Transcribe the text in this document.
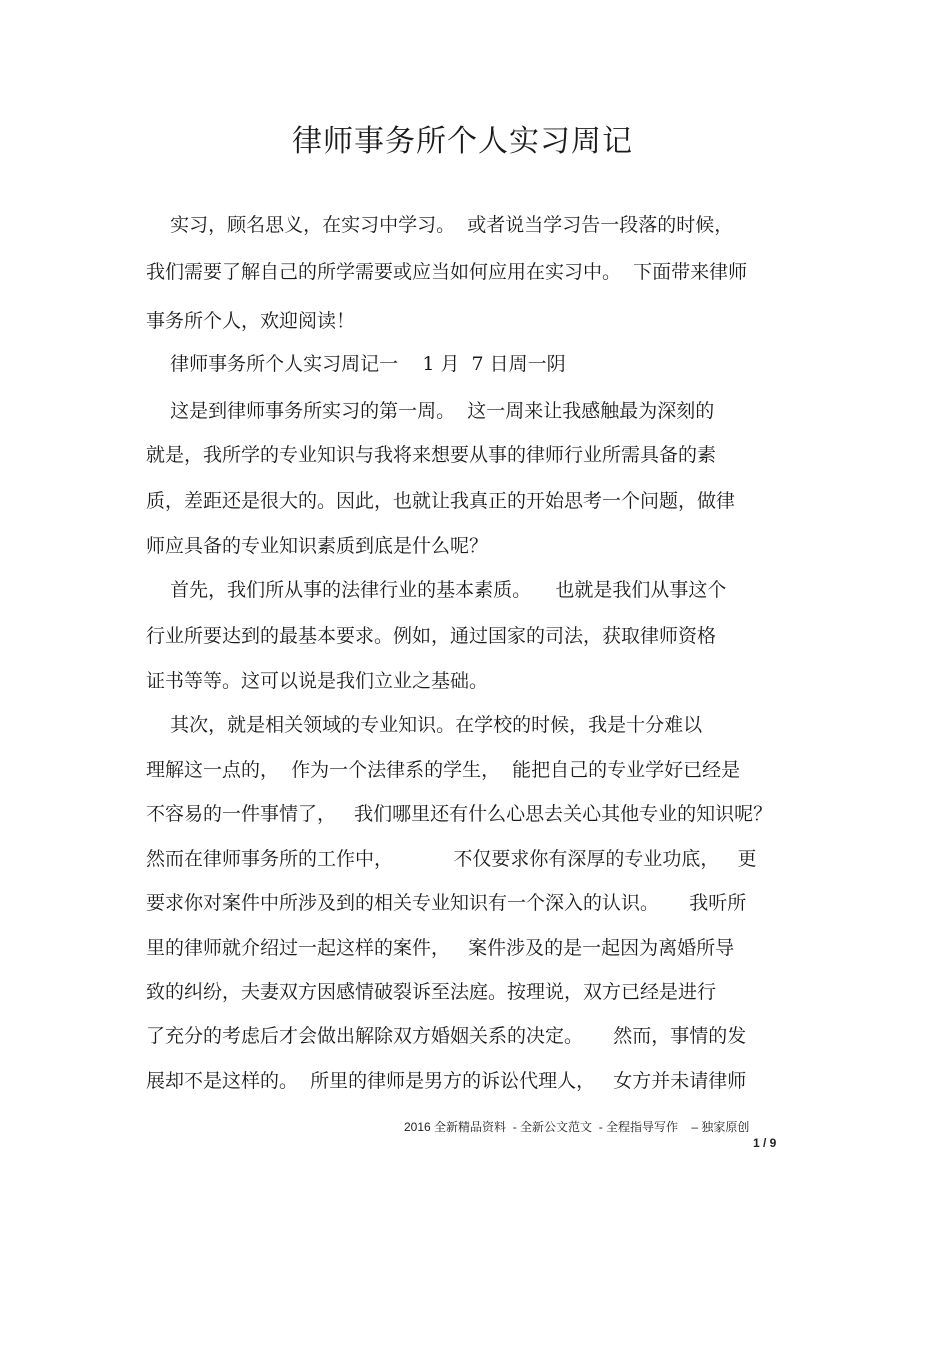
律师事务所个人实习周记
实习，顾名思义，在实习中学习。  或者说当学习告一段落的时候，
我们需要了解自己的所学需要或应当如何应用在实习中。  下面带来律师
事务所个人，欢迎阅读！
律师事务所个人实习周记一    1 月  7 日周一阴
这是到律师事务所实习的第一周。  这一周来让我感触最为深刻的
就是，我所学的专业知识与我将来想要从事的律师行业所需具备的素
质，差距还是很大的。因此，也就让我真正的开始思考一个问题，做律
师应具备的专业知识素质到底是什么呢？
首先，我们所从事的法律行业的基本素质。    也就是我们从事这个
行业所要达到的最基本要求。例如，通过国家的司法，获取律师资格
证书等等。这可以说是我们立业之基础。
其次，就是相关领域的专业知识。在学校的时候，我是十分难以
理解这一点的，  作为一个法律系的学生，  能把自己的专业学好已经是
不容易的一件事情了，   我们哪里还有什么心思去关心其他专业的知识呢？
然而在律师事务所的工作中，          不仅要求你有深厚的专业功底，   更
要求你对案件中所涉及到的相关专业知识有一个深入的认识。     我听所
里的律师就介绍过一起这样的案件，   案件涉及的是一起因为离婚所导
致的纠纷，夫妻双方因感情破裂诉至法庭。按理说，双方已经是进行
了充分的考虑后才会做出解除双方婚姻关系的决定。     然而，事情的发
展却不是这样的。  所里的律师是男方的诉讼代理人，   女方并未请律师
2016 全新精品资料  - 全新公文范文  - 全程指导写作    – 独家原创
1 / 9
